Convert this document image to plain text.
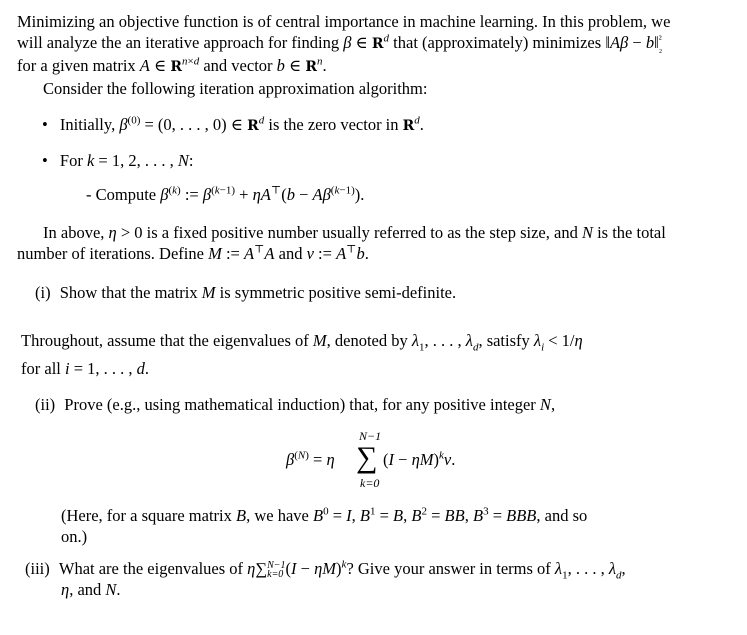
Minimizing an objective function is of central importance in machine learning. In this problem, we

will analyze the an iterative approach for finding β ∈ $R^d$ that (approximately) minimizes ‖Aβ − b‖²
₂

for a given matrix A ∈ $R^{n\times d}$ and vector b ∈ $R^n$.

Consider the following iteration approximation algorithm:

• Initially, $\beta^{(0)} = (0$, . . . , 0) ∈ $R^d$ is the zero vector in $R^d$.
• For k = 1, 2, . . . , N:
- Compute $\beta^{(k)}$ := $\beta^{(k-1)} + \eta A^⊤(b - A\beta^{(k-1)})$.

In above, η > 0 is a fixed positive number usually referred to as the step size, and N is the total

number of iterations. Define M := A⊤A and v := A⊤b.

(i) Show that the matrix M is symmetric positive semi-definite.

Throughout, assume that the eigenvalues of M, denoted by $\lambda_1$, . . . , $\lambda_d$, satisfy $\lambda_i < 1/\eta$

for all i = 1, . . . , d.

(ii) Prove (e.g., using mathematical induction) that, for any positive integer N,
N−1
$\beta^{(N)} = \eta$ ∑ $(I - \eta M)^kv$.
k=0

(Here, for a square matrix B, we have $B^0 = I$, $B^1 = B$, $B^2$ = BB, $B^3$ = BBB, and so

on.)

(iii) What are the eigenvalues of η∑N−1
k=0 $(I - \eta M)^k$? Give your answer in terms of $\lambda_1$, . . . , $\lambda_d$,

η, and N.
